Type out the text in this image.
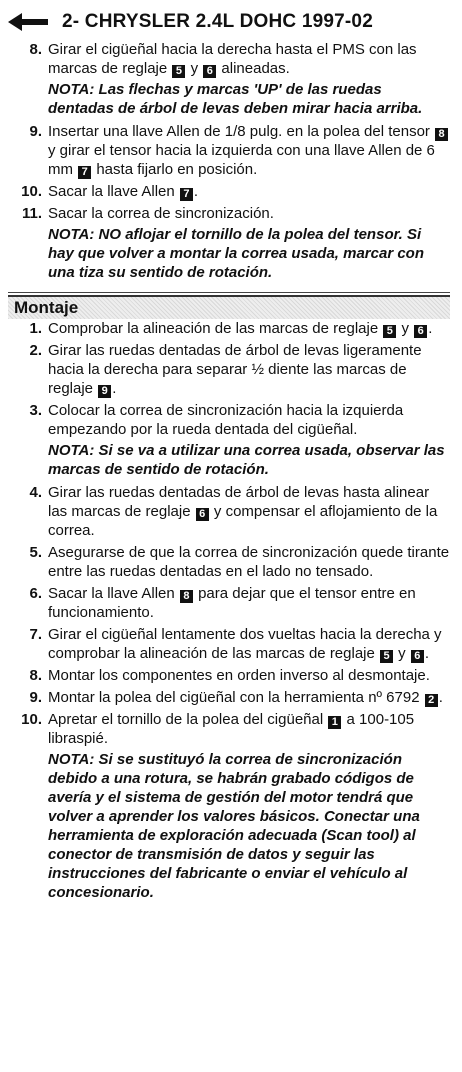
2- CHRYSLER 2.4L DOHC 1997-02
8. Girar el cigüeñal hacia la derecha hasta el PMS con las marcas de reglaje 5 y 6 alineadas.
NOTA: Las flechas y marcas 'UP' de las ruedas dentadas de árbol de levas deben mirar hacia arriba.
9. Insertar una llave Allen de 1/8 pulg. en la polea del tensor 8 y girar el tensor hacia la izquierda con una llave Allen de 6 mm 7 hasta fijarlo en posición.
10. Sacar la llave Allen 7 .
11. Sacar la correa de sincronización.
NOTA: NO aflojar el tornillo de la polea del tensor. Si hay que volver a montar la correa usada, marcar con una tiza su sentido de rotación.
Montaje
1. Comprobar la alineación de las marcas de reglaje 5 y 6 .
2. Girar las ruedas dentadas de árbol de levas ligeramente hacia la derecha para separar ½ diente las marcas de reglaje 9 .
3. Colocar la correa de sincronización hacia la izquierda empezando por la rueda dentada del cigüeñal.
NOTA: Si se va a utilizar una correa usada, observar las marcas de sentido de rotación.
4. Girar las ruedas dentadas de árbol de levas hasta alinear las marcas de reglaje 6 y compensar el aflojamiento de la correa.
5. Asegurarse de que la correa de sincronización quede tirante entre las ruedas dentadas en el lado no tensado.
6. Sacar la llave Allen 8 para dejar que el tensor entre en funcionamiento.
7. Girar el cigüeñal lentamente dos vueltas hacia la derecha y comprobar la alineación de las marcas de reglaje 5 y 6 .
8. Montar los componentes en orden inverso al desmontaje.
9. Montar la polea del cigüeñal con la herramienta nº 6792 2 .
10. Apretar el tornillo de la polea del cigüeñal 1 a 100-105 libraspié.
NOTA: Si se sustituyó la correa de sincronización debido a una rotura, se habrán grabado códigos de avería y el sistema de gestión del motor tendrá que volver a aprender los valores básicos. Conectar una herramienta de exploración adecuada (Scan tool) al conector de transmisión de datos y seguir las instrucciones del fabricante o enviar el vehículo al concesionario.
